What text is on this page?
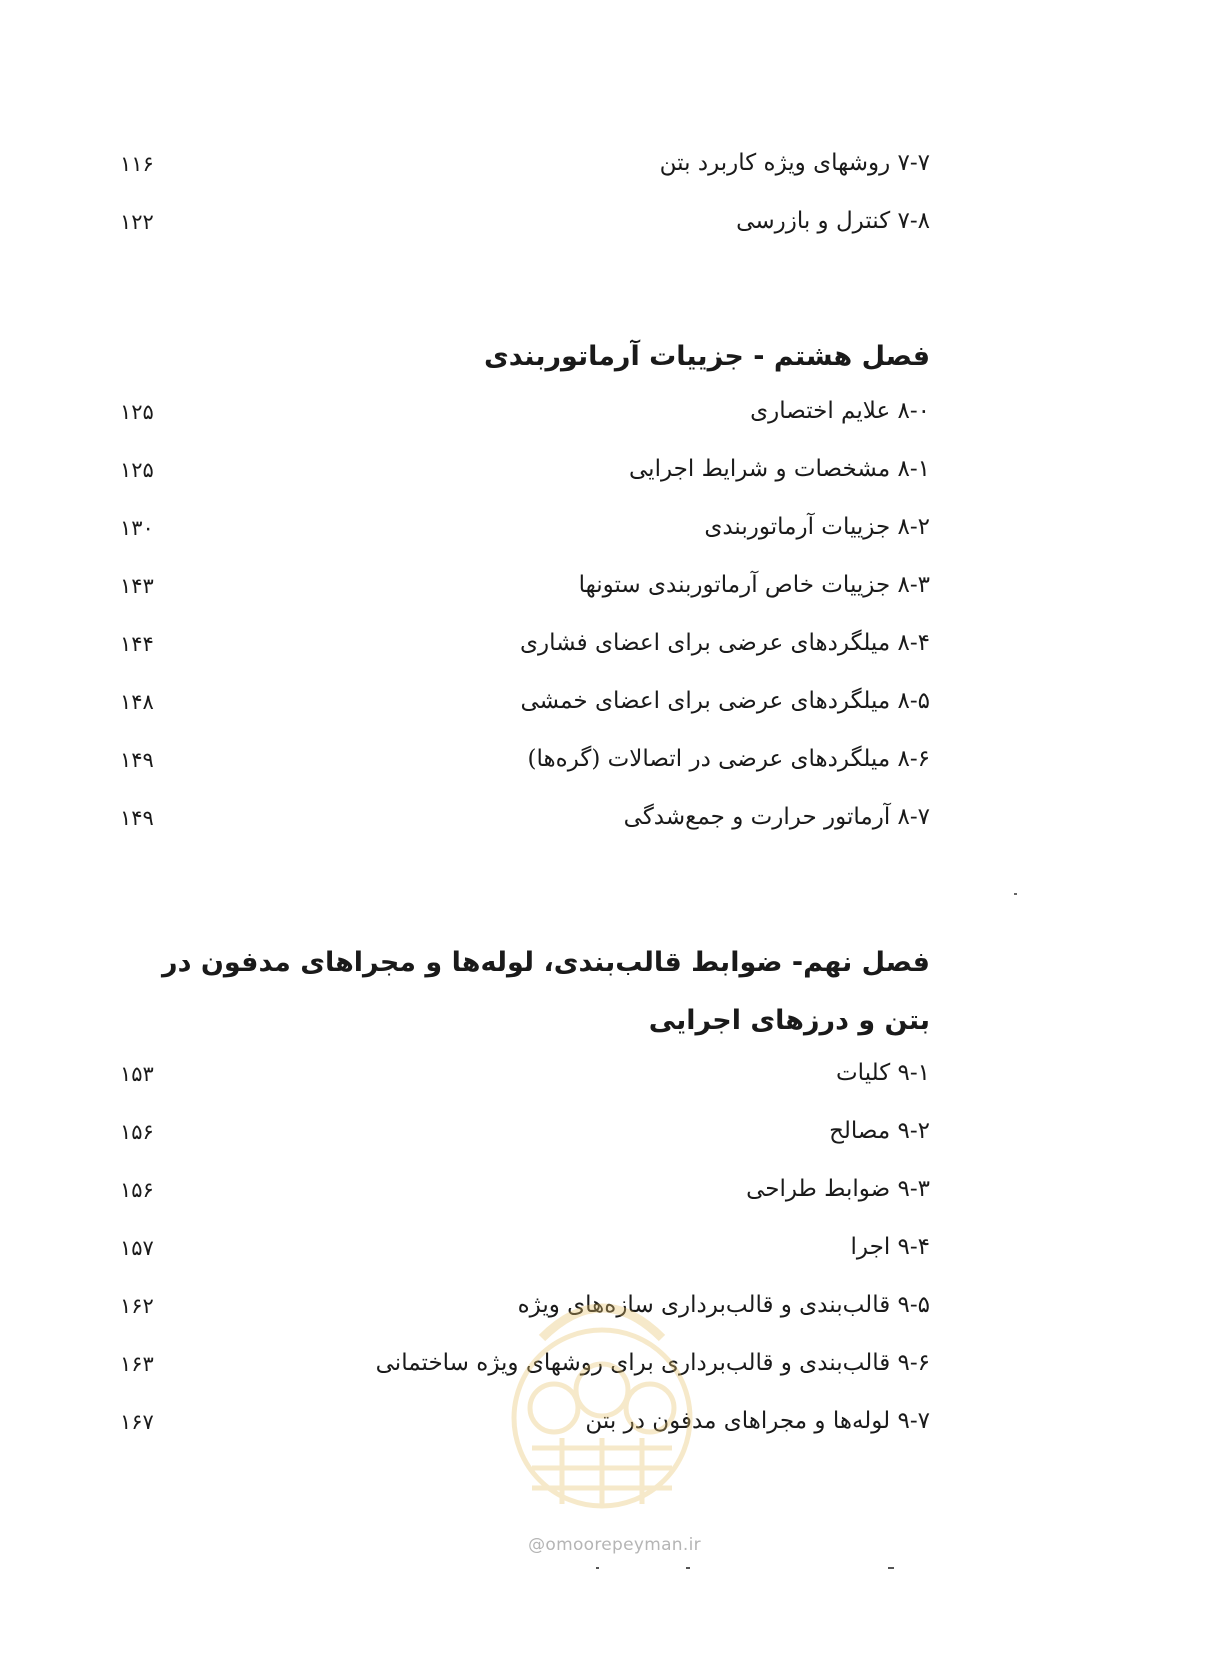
۷-۷ روشهای ویژه کاربرد بتن
۱۱۶
۷-۸ کنترل و بازرسی
۱۲۲
فصل هشتم - جزییات آرماتوربندی
۸-۰ علایم اختصاری
۱۲۵
۸-۱ مشخصات و شرایط اجرایی
۱۲۵
۸-۲ جزییات آرماتوربندی
۱۳۰
۸-۳ جزییات خاص آرماتوربندی ستونها
۱۴۳
۸-۴ میلگردهای عرضی برای اعضای فشاری
۱۴۴
۸-۵ میلگردهای عرضی برای اعضای خمشی
۱۴۸
۸-۶ میلگردهای عرضی در اتصالات (گره‌ها)
۱۴۹
۸-۷ آرماتور حرارت و جمع‌شدگی
۱۴۹
فصل نهم- ضوابط قالب‌بندی، لوله‌ها و مجراهای مدفون در بتن و درزهای اجرایی
۹-۱ کلیات
۱۵۳
۹-۲ مصالح
۱۵۶
۹-۳ ضوابط طراحی
۱۵۶
۹-۴ اجرا
۱۵۷
۹-۵ قالب‌بندی و قالب‌برداری سازه‌های ویژه
۱۶۲
۹-۶ قالب‌بندی و قالب‌برداری برای روشهای ویژه ساختمانی
۱۶۳
۹-۷ لوله‌ها و مجراهای مدفون در بتن
۱۶۷
@omoorepeyman.ir
